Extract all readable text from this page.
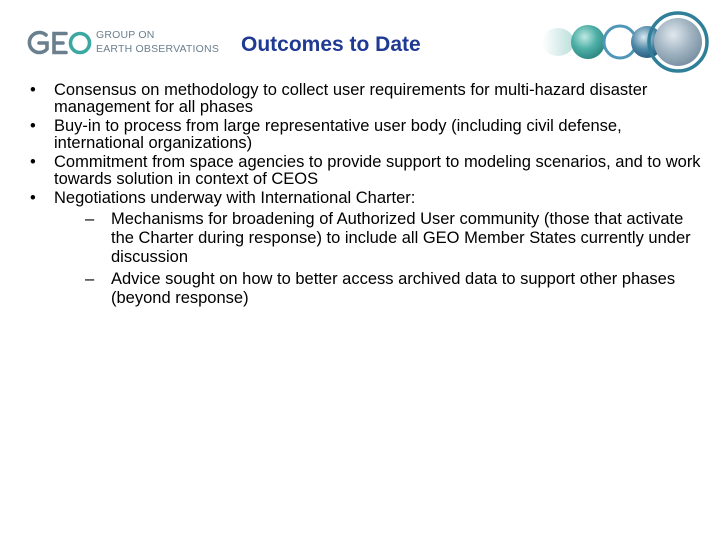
GROUP ON
EARTH OBSERVATIONS Outcomes to Date
• Consensus on methodology to collect user requirements for multi-hazard disaster management for all phases
• Buy-in to process from large representative user body (including civil defense, international organizations)
• Commitment from space agencies to provide support to modeling scenarios, and to work towards solution in context of CEOS
• Negotiations underway with International Charter:
– Mechanisms for broadening of Authorized User community (those that activate the Charter during response) to include all GEO Member States currently under discussion
– Advice sought on how to better access archived data to support other phases (beyond response)
